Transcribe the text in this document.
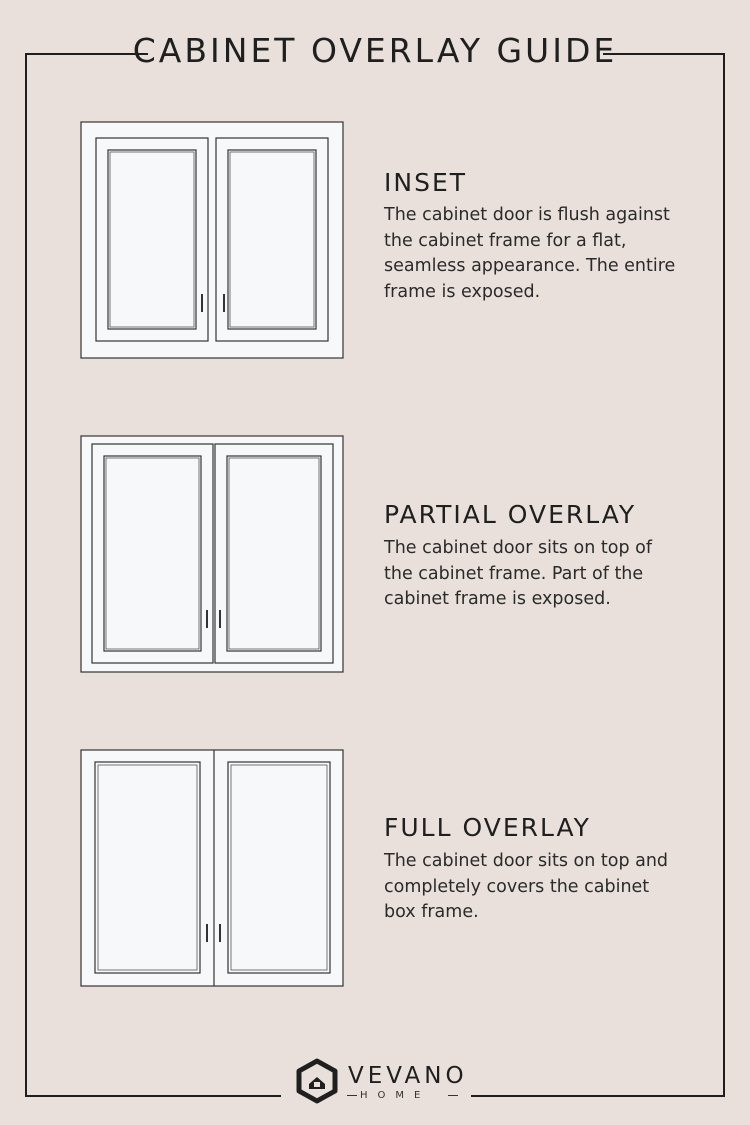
CABINET OVERLAY GUIDE
INSET

The cabinet door is flush against the cabinet frame for a flat, seamless appearance. The entire frame is exposed.

PARTIAL OVERLAY

The cabinet door sits on top of the cabinet frame. Part of the cabinet frame is exposed.

FULL OVERLAY

The cabinet door sits on top and completely covers the cabinet box frame.

VEVANO
HOME
